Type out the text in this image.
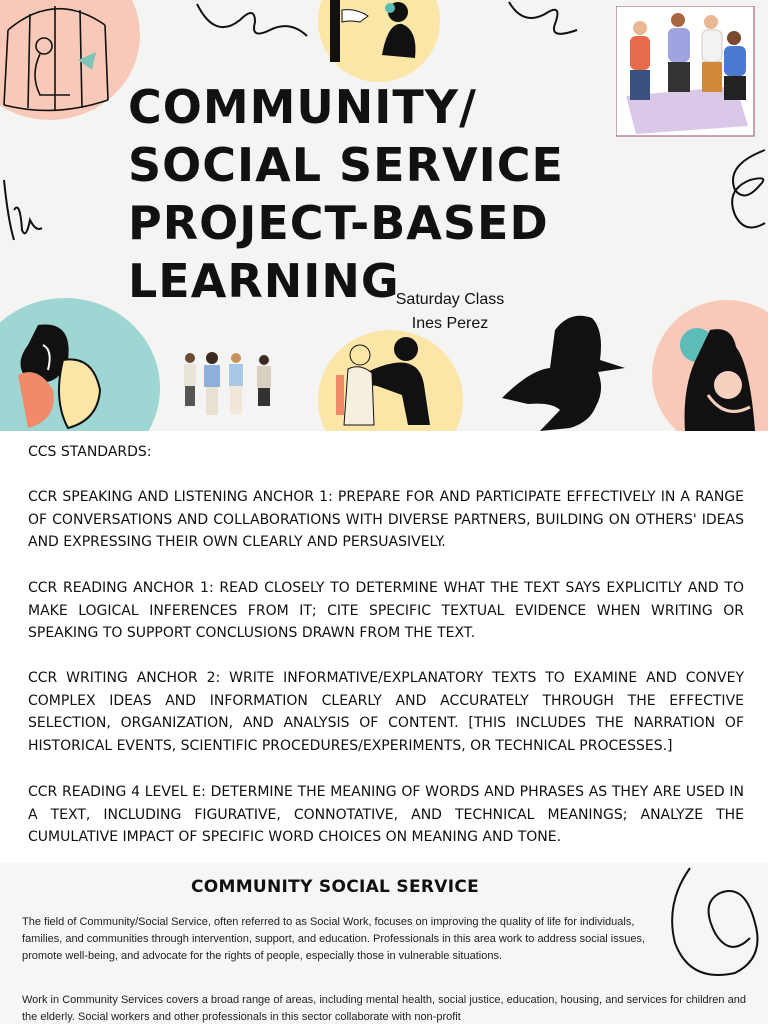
COMMUNITY/
SOCIAL SERVICE
PROJECT-BASED
LEARNING
Saturday Class
Ines Perez

CCS STANDARDS:

CCR SPEAKING AND LISTENING ANCHOR 1: PREPARE FOR AND PARTICIPATE EFFECTIVELY IN A RANGE OF CONVERSATIONS AND COLLABORATIONS WITH DIVERSE PARTNERS, BUILDING ON OTHERS' IDEAS AND EXPRESSING THEIR OWN CLEARLY AND PERSUASIVELY.

CCR READING ANCHOR 1: READ CLOSELY TO DETERMINE WHAT THE TEXT SAYS EXPLICITLY AND TO MAKE LOGICAL INFERENCES FROM IT; CITE SPECIFIC TEXTUAL EVIDENCE WHEN WRITING OR SPEAKING TO SUPPORT CONCLUSIONS DRAWN FROM THE TEXT.

CCR WRITING ANCHOR 2: WRITE INFORMATIVE/EXPLANATORY TEXTS TO EXAMINE AND CONVEY COMPLEX IDEAS AND INFORMATION CLEARLY AND ACCURATELY THROUGH THE EFFECTIVE SELECTION, ORGANIZATION, AND ANALYSIS OF CONTENT. [THIS INCLUDES THE NARRATION OF HISTORICAL EVENTS, SCIENTIFIC PROCEDURES/EXPERIMENTS, OR TECHNICAL PROCESSES.]

CCR READING 4 LEVEL E: DETERMINE THE MEANING OF WORDS AND PHRASES AS THEY ARE USED IN A TEXT, INCLUDING FIGURATIVE, CONNOTATIVE, AND TECHNICAL MEANINGS; ANALYZE THE CUMULATIVE IMPACT OF SPECIFIC WORD CHOICES ON MEANING AND TONE.

COMMUNITY SOCIAL SERVICE

The field of Community/Social Service, often referred to as Social Work, focuses on improving the quality of life for individuals, families, and communities through intervention, support, and education. Professionals in this area work to address social issues, promote well-being, and advocate for the rights of people, especially those in vulnerable situations.

Work in Community Services covers a broad range of areas, including mental health, social justice, education, housing, and services for children and the elderly. Social workers and other professionals in this sector collaborate with non-profit
